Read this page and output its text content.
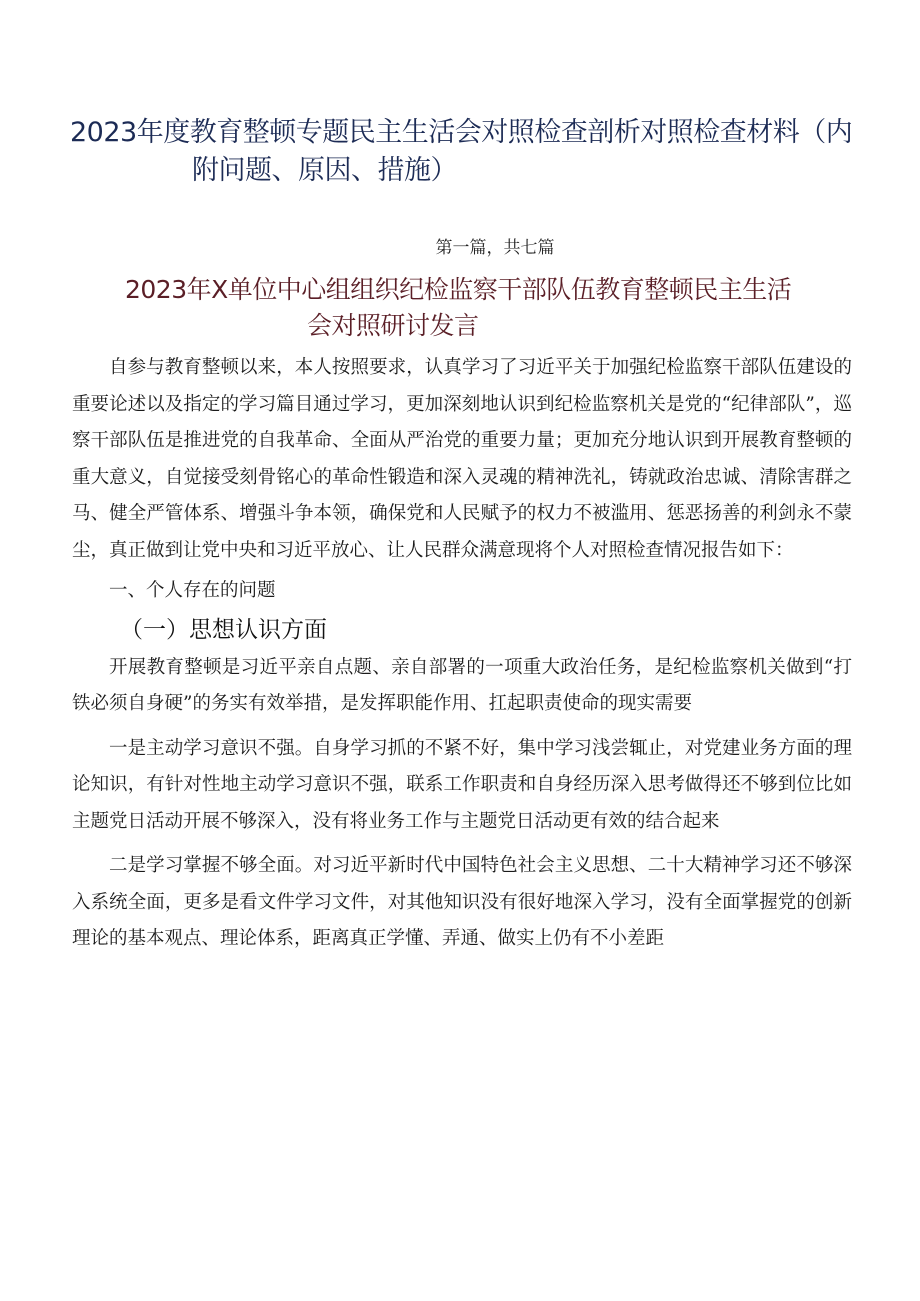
2023年度教育整顿专题民主生活会对照检查剖析对照检查材料（内
附问题、原因、措施）
第一篇，共七篇
2023年X单位中心组组织纪检监察干部队伍教育整顿民主生活
会对照研讨发言

自参与教育整顿以来，本人按照要求，认真学习了习近平关于加强纪检监察干部队伍建设的重要论述以及指定的学习篇目通过学习，更加深刻地认识到纪检监察机关是党的“纪律部队”，巡察干部队伍是推进党的自我革命、全面从严治党的重要力量；更加充分地认识到开展教育整顿的重大意义，自觉接受刻骨铭心的革命性锻造和深入灵魂的精神洗礼，铸就政治忠诚、清除害群之马、健全严管体系、增强斗争本领，确保党和人民赋予的权力不被滥用、惩恶扬善的利剑永不蒙尘，真正做到让党中央和习近平放心、让人民群众满意现将个人对照检查情况报告如下：

一、个人存在的问题

（一）思想认识方面

开展教育整顿是习近平亲自点题、亲自部署的一项重大政治任务，是纪检监察机关做到“打铁必须自身硬”的务实有效举措，是发挥职能作用、扛起职责使命的现实需要

一是主动学习意识不强。自身学习抓的不紧不好，集中学习浅尝辄止，对党建业务方面的理论知识，有针对性地主动学习意识不强，联系工作职责和自身经历深入思考做得还不够到位比如主题党日活动开展不够深入，没有将业务工作与主题党日活动更有效的结合起来

二是学习掌握不够全面。对习近平新时代中国特色社会主义思想、二十大精神学习还不够深入系统全面，更多是看文件学习文件，对其他知识没有很好地深入学习，没有全面掌握党的创新理论的基本观点、理论体系，距离真正学懂、弄通、做实上仍有不小差距
